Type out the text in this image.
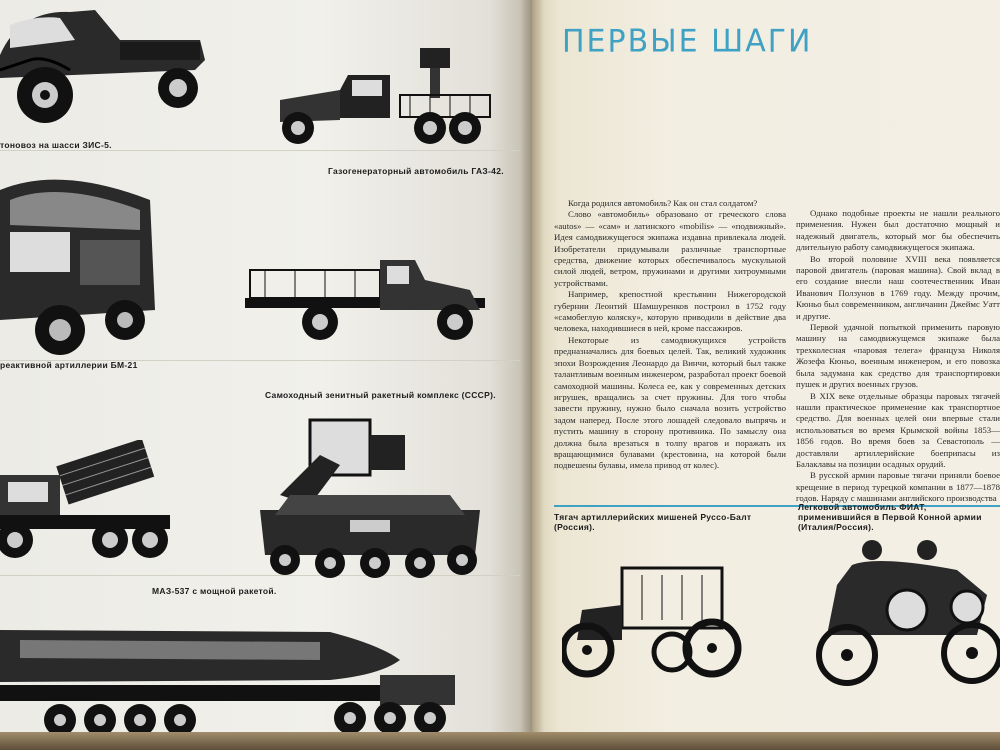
тоновоз на шасси ЗИС-5.
Газогенераторный автомобиль ГАЗ-42.
реактивной артиллерии БМ-21
Самоходный зенитный ракетный комплекс (СССР).
МАЗ-537 с мощной ракетой.
ПЕРВЫЕ ШАГИ

Когда родился автомобиль? Как он стал солдатом?

Слово «автомобиль» образовано от греческого слова «autos» — «сам» и латинского «mobilis» — «подвижный». Идея самодвижущегося экипажа издавна привлекала людей. Изобретатели придумывали различные транспортные средства, движение которых обеспечивалось мускульной силой людей, ветром, пружинами и другими хитроумными устройствами.

Например, крепостной крестьянин Нижегородской губернии Леонтий Шамшуренков построил в 1752 году «самобеглую коляску», которую приводили в действие два человека, находившиеся в ней, кроме пассажиров.

Некоторые из самодвижущихся устройств предназначались для боевых целей. Так, великий художник эпохи Возрождения Леонардо да Винчи, который был также талантливым военным инженером, разработал проект боевой самоходной машины. Колеса ее, как у современных детских игрушек, вращались за счет пружины. Для того чтобы завести пружину, нужно было сначала возить устройство задом наперед. После этого лошадей следовало выпрячь и пустить машину в сторону противника. По замыслу она должна была врезаться в толпу врагов и поражать их вращающимися булавами (крестовина, на которой были подвешены булавы, имела привод от колес).

Однако подобные проекты не нашли реального применения. Нужен был достаточно мощный и надежный двигатель, который мог бы обеспечить длительную работу самодвижущегося экипажа.

Во второй половине XVIII века появляется паровой двигатель (паровая машина). Свой вклад в его создание внесли наш соотечественник Иван Иванович Ползунов в 1769 году. Между прочим, Кюньо был современником, англичанин Джеймс Уатт и другие.

Первой удачной попыткой применить паровую машину на самодвижущемся экипаже была трехколесная «паровая телега» француза Николя Жозефа Кюньо, военным инженером, и его повозка была задумана как средство для транспортировки пушек и других военных грузов.

В XIX веке отдельные образцы паровых тягачей нашли практическое применение как транспортное средство. Для военных целей они впервые стали использоваться во время Крымской войны 1853—1856 годов. Во время боев за Севастополь — доставляли артиллерийские боеприпасы из Балаклавы на позиции осадных орудий.

В русской армии паровые тягачи приняли боевое крещение в период турецкой компании в 1877—1878 годов. Наряду с машинами английского производства

Тягач артиллерийских мишеней Руссо-Балт (Россия).
Легковой автомобиль ФИАТ, применившийся в Первой Конной армии (Италия/Россия).
